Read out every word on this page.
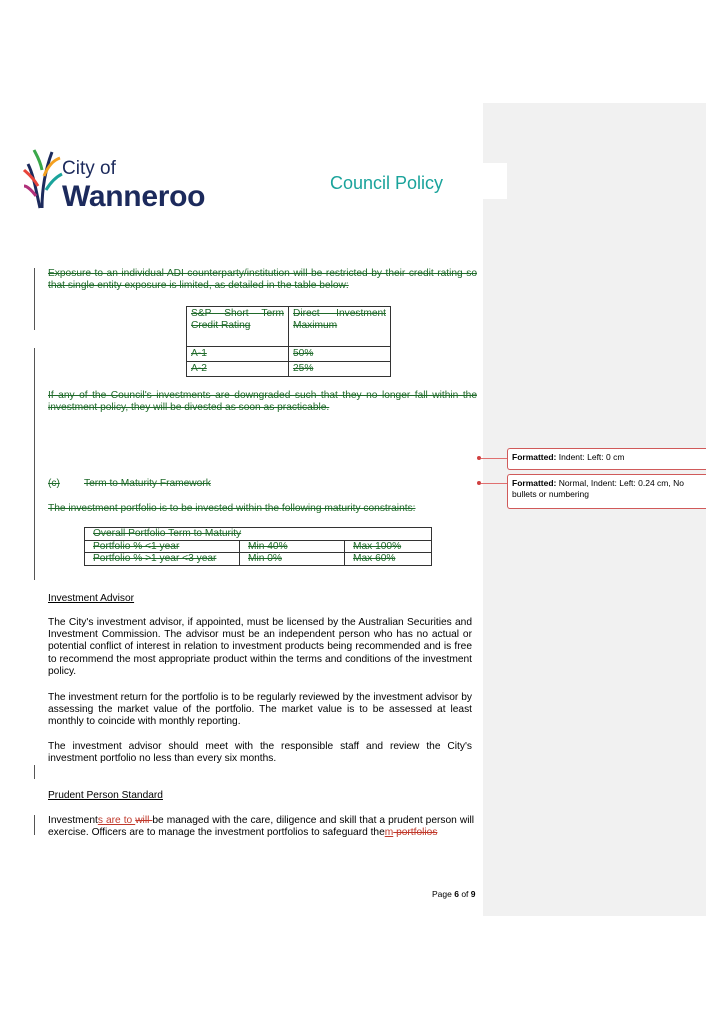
City of
Wanneroo	Council Policy
Exposure to an individual ADI counterparty/institution will be restricted by their credit rating so that single entity exposure is limited, as detailed in the table below:
S&P Short Term Credit Rating	Direct Investment Maximum
A-1	50%
A-2	25%
If any of the Council's investments are downgraded such that they no longer fall within the investment policy, they will be divested as soon as practicable.
(c) Term to Maturity Framework
The investment portfolio is to be invested within the following maturity constraints:
Overall Portfolio Term to Maturity		
Portfolio % <1 year	Min 40%	Max 100%
Portfolio % >1 year <3 year	Min 0%	Max 60%
Investment Advisor
The City's investment advisor, if appointed, must be licensed by the Australian Securities and Investment Commission. The advisor must be an independent person who has no actual or potential conflict of interest in relation to investment products being recommended and is free to recommend the most appropriate product within the terms and conditions of the investment policy.
The investment return for the portfolio is to be regularly reviewed by the investment advisor by assessing the market value of the portfolio. The market value is to be assessed at least monthly to coincide with monthly reporting.
The investment advisor should meet with the responsible staff and review the City's investment portfolio no less than every six months.
Prudent Person Standard
Investments are to will be managed with the care, diligence and skill that a prudent person will exercise. Officers are to manage the investment portfolios to safeguard them portfolios
Formatted: Indent: Left: 0 cm
Formatted: Normal, Indent: Left: 0.24 cm, No bullets or numbering
Page 6 of 9
